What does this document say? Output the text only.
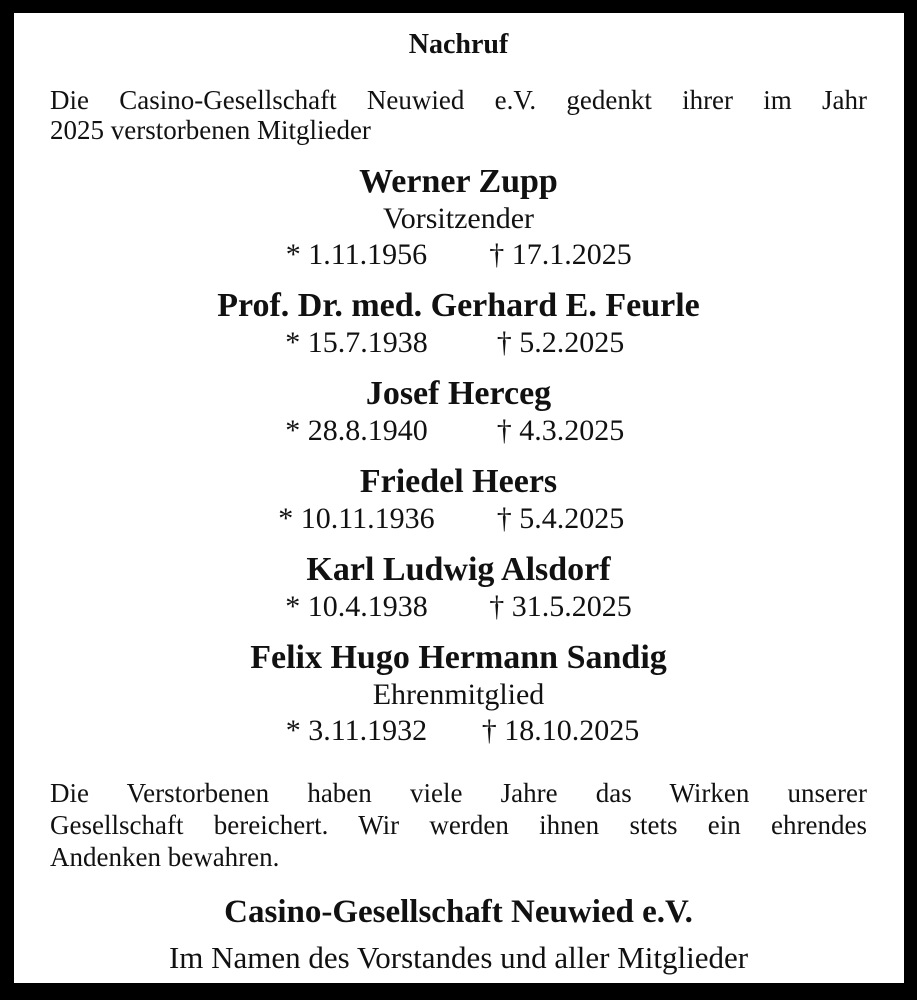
Nachruf
Die Casino-Gesellschaft Neuwied e.V. gedenkt ihrer im Jahr
2025 verstorbenen Mitglieder
Werner Zupp
Vorsitzender
* 1.11.1956	† 17.1.2025
Prof. Dr. med. Gerhard E. Feurle
* 15.7.1938	† 5.2.2025
Josef Herceg
* 28.8.1940	† 4.3.2025
Friedel Heers
* 10.11.1936	† 5.4.2025
Karl Ludwig Alsdorf
* 10.4.1938	† 31.5.2025
Felix Hugo Hermann Sandig
Ehrenmitglied
* 3.11.1932	† 18.10.2025
Die Verstorbenen haben viele Jahre das Wirken unserer
Gesellschaft bereichert. Wir werden ihnen stets ein ehrendes
Andenken bewahren.
Casino-Gesellschaft Neuwied e.V.
Im Namen des Vorstandes und aller Mitglieder
